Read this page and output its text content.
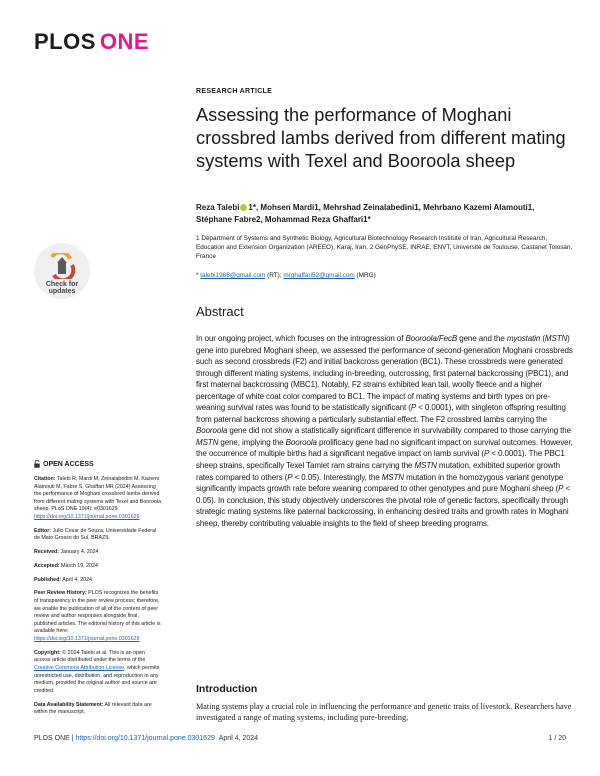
PLOS ONE
RESEARCH ARTICLE
Assessing the performance of Moghani crossbred lambs derived from different mating systems with Texel and Booroola sheep
Reza Talebi 1*, Mohsen Mardi1, Mehrshad Zeinalabedini1, Mehrbano Kazemi Alamouti1,
Stéphane Fabre2, Mohammad Reza Ghaffari1*
1 Department of Systems and Synthetic Biology, Agricultural Biotechnology Research Institute of Iran, Agricultural Research, Education and Extension Organization (AREEO), Karaj, Iran, 2 GenPhySE, INRAE, ENVT, Université de Toulouse, Castanet Tolosan, France
* talebi1986@gmail.com (RT); mrghaffari52@gmail.com (MRG)
Abstract

In our ongoing project, which focuses on the introgression of Booroola/FecB gene and the myostatin (MSTN) gene into purebred Moghani sheep, we assessed the performance of second-generation Moghani crossbreds such as second crossbreds (F2) and initial backcross generation (BC1). These crossbreds were generated through different mating systems, including in-breeding, outcrossing, first paternal backcrossing (PBC1), and first maternal backcrossing (MBC1). Notably, F2 strains exhibited lean tail, woolly fleece and a higher percentage of white coat color compared to BC1. The impact of mating systems and birth types on pre-weaning survival rates was found to be statistically significant (P < 0.0001), with singleton offspring resulting from paternal backcross showing a particularly substantial effect. The F2 crossbred lambs carrying the Booroola gene did not show a statistically significant difference in survivability compared to those carrying the MSTN gene, implying the Booroola prolificacy gene had no significant impact on survival outcomes. However, the occurrence of multiple births had a significant negative impact on lamb survival (P < 0.0001). The PBC1 sheep strains, specifically Texel Tamlet ram strains carrying the MSTN mutation, exhibited superior growth rates compared to others (P < 0.05). Interestingly, the MSTN mutation in the homozygous variant genotype significantly impacts growth rate before weaning compared to other genotypes and pure Moghani sheep (P < 0.05). In conclusion, this study objectively underscores the pivotal role of genetic factors, specifically through strategic mating systems like paternal backcrossing, in enhancing desired traits and growth rates in Moghani sheep, thereby contributing valuable insights to the field of sheep breeding programs.

Introduction

Mating systems play a crucial role in influencing the performance and genetic traits of livestock. Researchers have investigated a range of mating systems, including pure-breeding,

Check for
updates
OPEN ACCESS

Citation: Talebi R, Mardi M, Zeinalabedini M, Kazemi Alamouti M, Fabre S, Ghaffari MR (2024) Assessing the performance of Moghani crossbred lambs derived from different mating systems with Texel and Booroola sheep. PLoS ONE 19(4): e0301629. https://doi.org/10.1371/journal.pone.0301629

Editor: Julio Cesar de Souza, Universidade Federal de Mato Grosso do Sul, BRAZIL

Received: January 4, 2024

Accepted: March 19, 2024

Published: April 4, 2024

Peer Review History: PLOS recognizes the benefits of transparency in the peer review process; therefore, we enable the publication of all of the content of peer review and author responses alongside final, published articles. The editorial history of this article is available here: https://doi.org/10.1371/journal.pone.0301629

Copyright: © 2024 Talebi et al. This is an open access article distributed under the terms of the Creative Commons Attribution License, which permits unrestricted use, distribution, and reproduction in any medium, provided the original author and source are credited.

Data Availability Statement: All relevant data are within the manuscript.

PLOS ONE | https://doi.org/10.1371/journal.pone.0301629 April 4, 2024	1 / 20
